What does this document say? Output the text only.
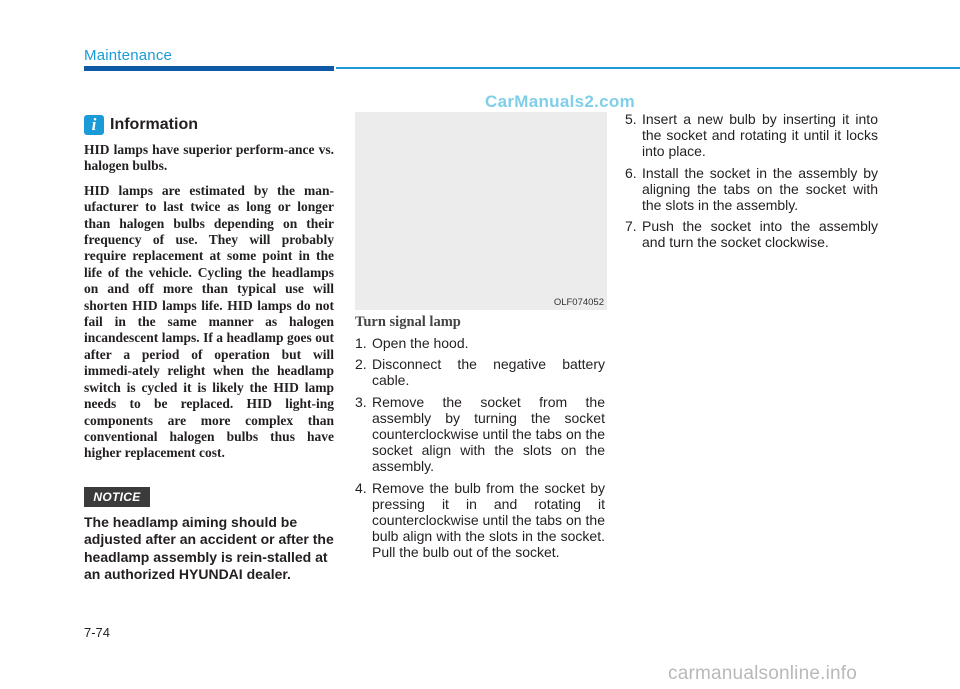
Maintenance
CarManuals2.com
i Information

HID lamps have superior perform-ance vs. halogen bulbs.

HID lamps are estimated by the man-ufacturer to last twice as long or longer than halogen bulbs depending on their frequency of use. They will probably require replacement at some point in the life of the vehicle. Cycling the headlamps on and off more than typical use will shorten HID lamps life. HID lamps do not fail in the same manner as halogen incandescent lamps. If a headlamp goes out after a period of operation but will immedi-ately relight when the headlamp switch is cycled it is likely the HID lamp needs to be replaced. HID light-ing components are more complex than conventional halogen bulbs thus have higher replacement cost.

NOTICE

The headlamp aiming should be adjusted after an accident or after the headlamp assembly is rein-stalled at an authorized HYUNDAI dealer.

OLF074052
Turn signal lamp
1. Open the hood.
2. Disconnect the negative battery cable.
3. Remove the socket from the assembly by turning the socket counterclockwise until the tabs on the socket align with the slots on the assembly.
4. Remove the bulb from the socket by pressing it in and rotating it counterclockwise until the tabs on the bulb align with the slots in the socket. Pull the bulb out of the socket.
5. Insert a new bulb by inserting it into the socket and rotating it until it locks into place.
6. Install the socket in the assembly by aligning the tabs on the socket with the slots in the assembly.
7. Push the socket into the assembly and turn the socket clockwise.
7-74
carmanualsonline.info
